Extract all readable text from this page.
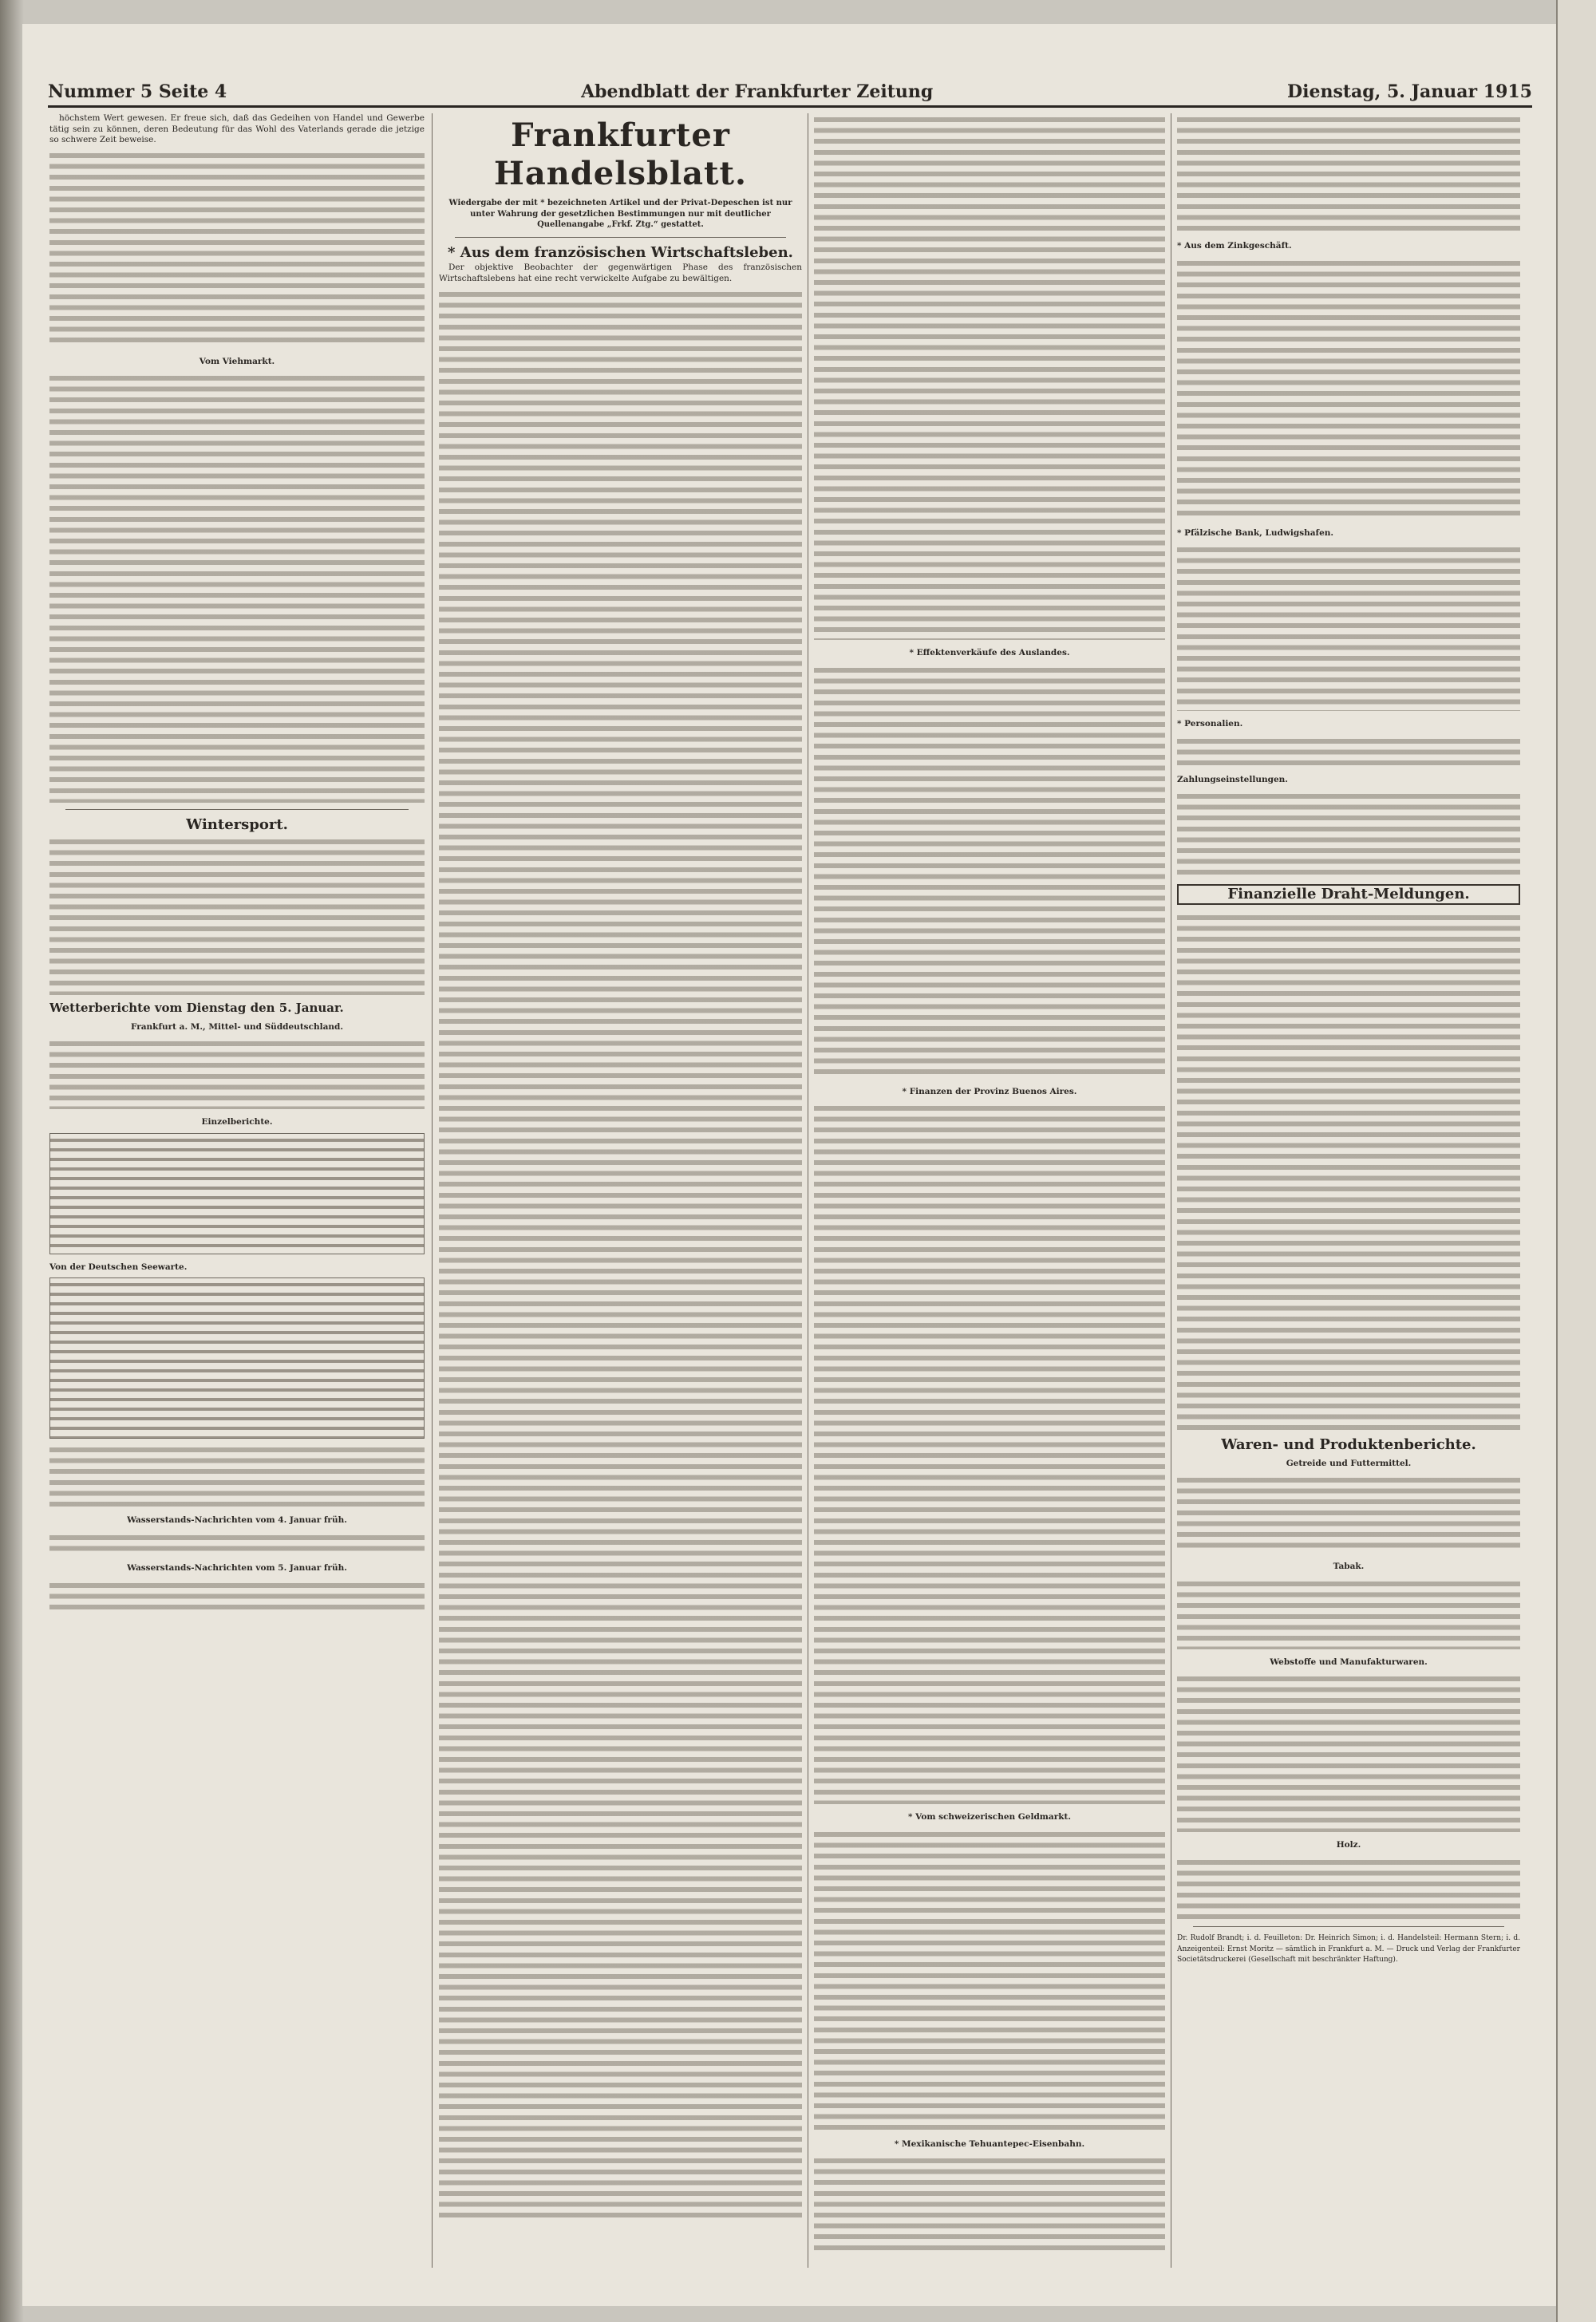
Nummer 5 Seite 4	Abendblatt der Frankfurter Zeitung	Dienstag, 5. Januar 1915

höchstem Wert gewesen. Er freue sich, daß das Gedeihen von Handel und Gewerbe tätig sein zu können, deren Bedeutung für das Wohl des Vaterlands gerade die jetzige so schwere Zeit beweise.

Vom Viehmarkt.
Wintersport.
Wetterberichte vom Dienstag den 5. Januar.
Frankfurt a. M., Mittel- und Süddeutschland.
Einzelberichte.
Von der Deutschen Seewarte.
Wasserstands-Nachrichten vom 4. Januar früh.
Wasserstands-Nachrichten vom 5. Januar früh.
Frankfurter Handelsblatt.
Wiedergabe der mit * bezeichneten Artikel und der Privat-Depeschen ist nur unter Wahrung der gesetzlichen Bestimmungen nur mit deutlicher Quellenangabe „Frkf. Ztg.“ gestattet.
* Aus dem französischen Wirtschaftsleben.

Der objektive Beobachter der gegenwärtigen Phase des französischen Wirtschaftslebens hat eine recht verwickelte Aufgabe zu bewältigen.

* Effektenverkäufe des Auslandes.
* Finanzen der Provinz Buenos Aires.
* Vom schweizerischen Geldmarkt.
* Mexikanische Tehuantepec-Eisenbahn.
* Aus dem Zinkgeschäft.
* Pfälzische Bank, Ludwigshafen.
* Personalien.
Zahlungseinstellungen.
Finanzielle Draht-Meldungen.
Waren- und Produktenberichte.
Getreide und Futtermittel.
Tabak.
Webstoffe und Manufakturwaren.
Holz.

Dr. Rudolf Brandt; i. d. Feuilleton: Dr. Heinrich Simon; i. d. Handelsteil: Hermann Stern; i. d. Anzeigenteil: Ernst Moritz — sämtlich in Frankfurt a. M. — Druck und Verlag der Frankfurter Societätsdruckerei (Gesellschaft mit beschränkter Haftung).
